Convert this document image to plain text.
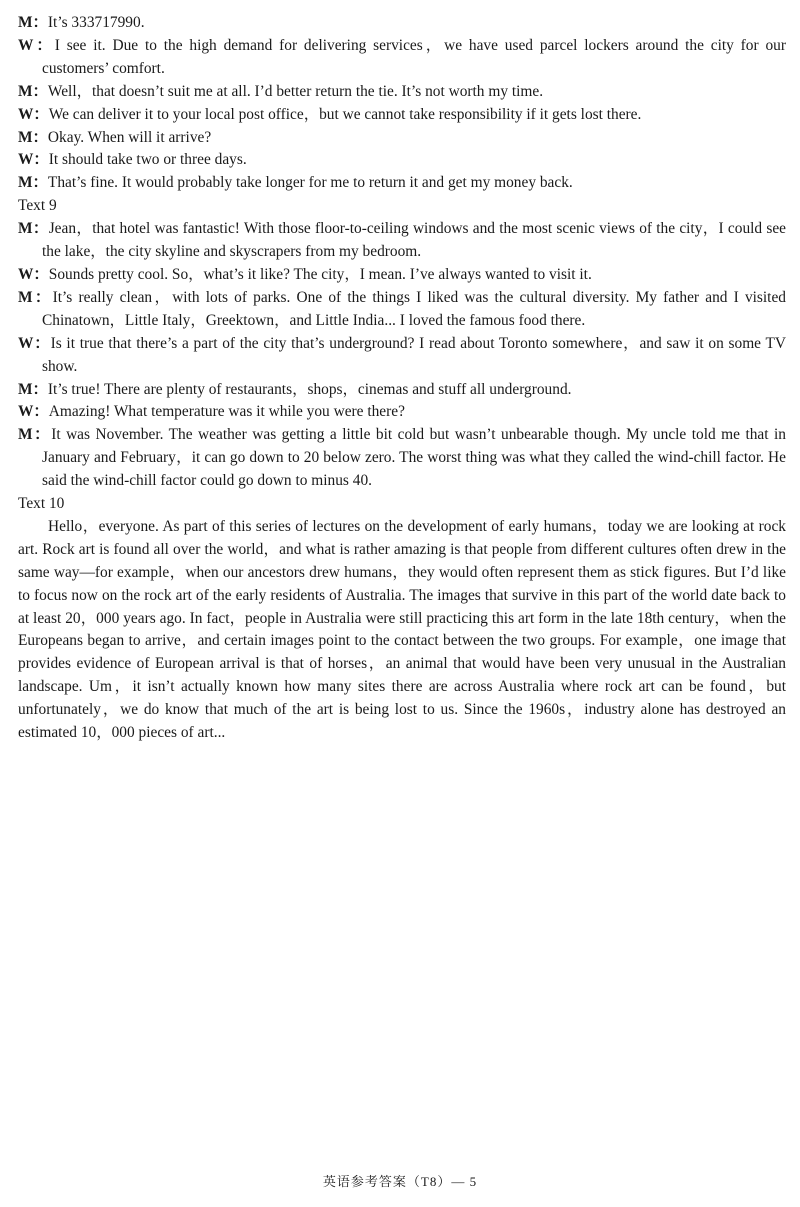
M：It’s 333717990.

W：I see it. Due to the high demand for delivering services，we have used parcel lockers around the city for our customers’ comfort.

M：Well，that doesn’t suit me at all. I’d better return the tie. It’s not worth my time.

W：We can deliver it to your local post office，but we cannot take responsibility if it gets lost there.

M：Okay. When will it arrive?

W：It should take two or three days.

M：That’s fine. It would probably take longer for me to return it and get my money back.

Text 9

M：Jean，that hotel was fantastic! With those floor-to-ceiling windows and the most scenic views of the city，I could see the lake，the city skyline and skyscrapers from my bedroom.

W：Sounds pretty cool. So，what’s it like? The city，I mean. I’ve always wanted to visit it.

M：It’s really clean，with lots of parks. One of the things I liked was the cultural diversity. My father and I visited Chinatown，Little Italy，Greektown，and Little India... I loved the famous food there.

W：Is it true that there’s a part of the city that’s underground? I read about Toronto somewhere，and saw it on some TV show.

M：It’s true! There are plenty of restaurants，shops，cinemas and stuff all underground.

W：Amazing! What temperature was it while you were there?

M：It was November. The weather was getting a little bit cold but wasn’t unbearable though. My uncle told me that in January and February，it can go down to 20 below zero. The worst thing was what they called the wind-chill factor. He said the wind-chill factor could go down to minus 40.

Text 10

Hello，everyone. As part of this series of lectures on the development of early humans，today we are looking at rock art. Rock art is found all over the world，and what is rather amazing is that people from different cultures often drew in the same way—for example，when our ancestors drew humans，they would often represent them as stick figures. But I’d like to focus now on the rock art of the early residents of Australia. The images that survive in this part of the world date back to at least 20，000 years ago. In fact，people in Australia were still practicing this art form in the late 18th century，when the Europeans began to arrive，and certain images point to the contact between the two groups. For example，one image that provides evidence of European arrival is that of horses，an animal that would have been very unusual in the Australian landscape. Um，it isn’t actually known how many sites there are across Australia where rock art can be found，but unfortunately，we do know that much of the art is being lost to us. Since the 1960s，industry alone has destroyed an estimated 10，000 pieces of art...

英语参考答案（T8）— 5
